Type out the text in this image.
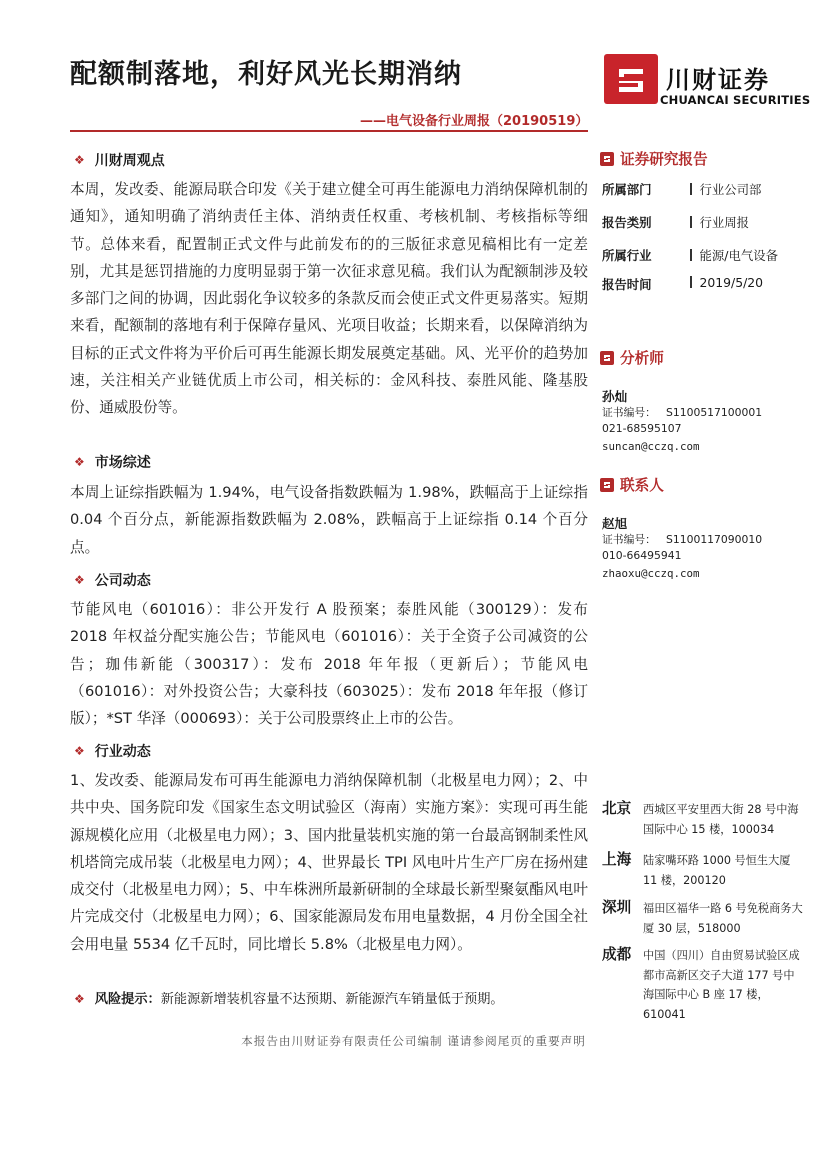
配额制落地，利好风光长期消纳
——电气设备行业周报（20190519）
川财证券
CHUANCAI SECURITIES
❖ 川财周观点
本周，发改委、能源局联合印发《关于建立健全可再生能源电力消纳保障机制的通知》，通知明确了消纳责任主体、消纳责任权重、考核机制、考核指标等细节。总体来看，配置制正式文件与此前发布的的三版征求意见稿相比有一定差别，尤其是惩罚措施的力度明显弱于第一次征求意见稿。我们认为配额制涉及较多部门之间的协调，因此弱化争议较多的条款反而会使正式文件更易落实。短期来看，配额制的落地有利于保障存量风、光项目收益；长期来看，以保障消纳为目标的正式文件将为平价后可再生能源长期发展奠定基础。风、光平价的趋势加速，关注相关产业链优质上市公司，相关标的：金风科技、泰胜风能、隆基股份、通威股份等。
❖ 市场综述
本周上证综指跌幅为 1.94%，电气设备指数跌幅为 1.98%，跌幅高于上证综指 0.04 个百分点，新能源指数跌幅为 2.08%，跌幅高于上证综指 0.14 个百分点。
❖ 公司动态
节能风电（601016）：非公开发行 A 股预案；泰胜风能（300129）：发布 2018 年权益分配实施公告；节能风电（601016）：关于全资子公司减资的公告；珈伟新能（300317）：发布 2018 年年报（更新后）；节能风电（601016）：对外投资公告；大豪科技（603025）：发布 2018 年年报（修订版）；*ST 华泽（000693）：关于公司股票终止上市的公告。
❖ 行业动态
1、发改委、能源局发布可再生能源电力消纳保障机制（北极星电力网）；2、中共中央、国务院印发《国家生态文明试验区（海南）实施方案》：实现可再生能源规模化应用（北极星电力网）；3、国内批量装机实施的第一台最高钢制柔性风机塔筒完成吊装（北极星电力网）；4、世界最长 TPI 风电叶片生产厂房在扬州建成交付（北极星电力网）；5、中车株洲所最新研制的全球最长新型聚氨酯风电叶片完成交付（北极星电力网）；6、国家能源局发布用电量数据，4 月份全国全社会用电量 5534 亿千瓦时，同比增长 5.8%（北极星电力网）。
❖ 风险提示：新能源新增装机容量不达预期、新能源汽车销量低于预期。
证券研究报告
所属部门	行业公司部
报告类别	行业周报
所属行业	能源/电气设备
报告时间	2019/5/20
分析师
孙灿
证书编号： S1100517100001
021-68595107
suncan@cczq.com
联系人
赵旭
证书编号： S1100117090010
010-66495941
zhaoxu@cczq.com
北京 西城区平安里西大街 28 号中海国际中心 15 楼，100034
上海 陆家嘴环路 1000 号恒生大厦 11 楼，200120
深圳 福田区福华一路 6 号免税商务大厦 30 层，518000
成都 中国（四川）自由贸易试验区成都市高新区交子大道 177 号中海国际中心 B 座 17 楼，610041
本报告由川财证券有限责任公司编制 谨请参阅尾页的重要声明
